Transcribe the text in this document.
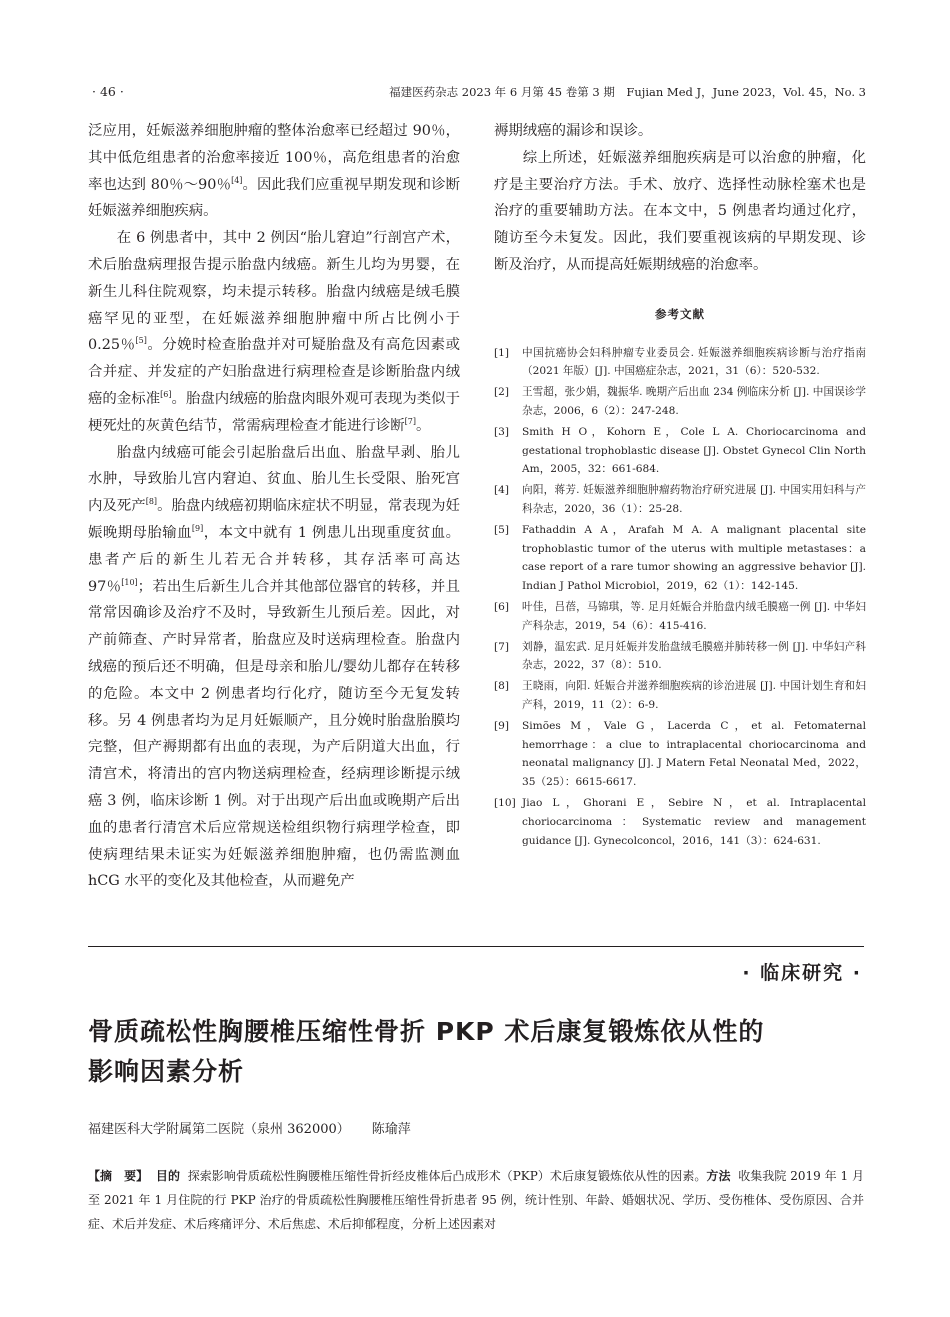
· 46 ·	福建医药杂志 2023 年 6 月第 45 卷第 3 期　Fujian Med J，June 2023，Vol. 45，No. 3

泛应用，妊娠滋养细胞肿瘤的整体治愈率已经超过 90％，其中低危组患者的治愈率接近 100％，高危组患者的治愈率也达到 80％～90％[4]。因此我们应重视早期发现和诊断妊娠滋养细胞疾病。

在 6 例患者中，其中 2 例因“胎儿窘迫”行剖宫产术，术后胎盘病理报告提示胎盘内绒癌。新生儿均为男婴，在新生儿科住院观察，均未提示转移。胎盘内绒癌是绒毛膜癌罕见的亚型，在妊娠滋养细胞肿瘤中所占比例小于 0.25％[5]。分娩时检查胎盘并对可疑胎盘及有高危因素或合并症、并发症的产妇胎盘进行病理检查是诊断胎盘内绒癌的金标准[6]。胎盘内绒癌的胎盘肉眼外观可表现为类似于梗死灶的灰黄色结节，常需病理检查才能进行诊断[7]。

胎盘内绒癌可能会引起胎盘后出血、胎盘早剥、胎儿水肿，导致胎儿宫内窘迫、贫血、胎儿生长受限、胎死宫内及死产[8]。胎盘内绒癌初期临床症状不明显，常表现为妊娠晚期母胎输血[9]，本文中就有 1 例患儿出现重度贫血。患者产后的新生儿若无合并转移，其存活率可高达 97％[10]；若出生后新生儿合并其他部位器官的转移，并且常常因确诊及治疗不及时，导致新生儿预后差。因此，对产前筛查、产时异常者，胎盘应及时送病理检查。胎盘内绒癌的预后还不明确，但是母亲和胎儿/婴幼儿都存在转移的危险。本文中 2 例患者均行化疗，随访至今无复发转移。另 4 例患者均为足月妊娠顺产，且分娩时胎盘胎膜均完整，但产褥期都有出血的表现，为产后阴道大出血，行清宫术，将清出的宫内物送病理检查，经病理诊断提示绒癌 3 例，临床诊断 1 例。对于出现产后出血或晚期产后出血的患者行清宫术后应常规送检组织物行病理学检查，即使病理结果未证实为妊娠滋养细胞肿瘤，也仍需监测血 hCG 水平的变化及其他检查，从而避免产

褥期绒癌的漏诊和误诊。

综上所述，妊娠滋养细胞疾病是可以治愈的肿瘤，化疗是主要治疗方法。手术、放疗、选择性动脉栓塞术也是治疗的重要辅助方法。在本文中，5 例患者均通过化疗，随访至今未复发。因此，我们要重视该病的早期发现、诊断及治疗，从而提高妊娠期绒癌的治愈率。

参考文献
[1]	中国抗癌协会妇科肿瘤专业委员会. 妊娠滋养细胞疾病诊断与治疗指南（2021 年版）[J]. 中国癌症杂志，2021，31（6）：520-532.
[2]	王雪超，张少娟，魏振华. 晚期产后出血 234 例临床分析 [J]. 中国误诊学杂志，2006，6（2）：247-248.
[3]	Smith H O，Kohorn E，Cole L A. Choriocarcinoma and gestational trophoblastic disease [J]. Obstet Gynecol Clin North Am，2005，32：661-684.
[4]	向阳，蒋芳. 妊娠滋养细胞肿瘤药物治疗研究进展 [J]. 中国实用妇科与产科杂志，2020，36（1）：25-28.
[5]	Fathaddin A A，Arafah M A. A malignant placental site trophoblastic tumor of the uterus with multiple metastases：a case report of a rare tumor showing an aggressive behavior [J]. Indian J Pathol Microbiol，2019，62（1）：142-145.
[6]	叶佳，吕蓓，马锦琪，等. 足月妊娠合并胎盘内绒毛膜癌一例 [J]. 中华妇产科杂志，2019，54（6）：415-416.
[7]	刘静，温宏武. 足月妊娠并发胎盘绒毛膜癌并肺转移一例 [J]. 中华妇产科杂志，2022，37（8）：510.
[8]	王晓雨，向阳. 妊娠合并滋养细胞疾病的诊治进展 [J]. 中国计划生育和妇产科，2019，11（2）：6-9.
[9]	Simões M，Vale G，Lacerda C，et al. Fetomaternal hemorrhage：a clue to intraplacental choriocarcinoma and neonatal malignancy [J]. J Matern Fetal Neonatal Med，2022，35（25）：6615-6617.
[10] Jiao L，Ghorani E，Sebire N，et al. Intraplacental choriocarcinoma：Systematic review and management guidance [J]. Gynecolconcol，2016，141（3）：624-631.
· 临床研究 ·
骨质疏松性胸腰椎压缩性骨折 PKP 术后康复锻炼依从性的
影响因素分析
福建医科大学附属第二医院（泉州 362000） 陈瑜萍
【摘　要】 目的 探索影响骨质疏松性胸腰椎压缩性骨折经皮椎体后凸成形术（PKP）术后康复锻炼依从性的因素。方法 收集我院 2019 年 1 月至 2021 年 1 月住院的行 PKP 治疗的骨质疏松性胸腰椎压缩性骨折患者 95 例，统计性别、年龄、婚姻状况、学历、受伤椎体、受伤原因、合并症、术后并发症、术后疼痛评分、术后焦虑、术后抑郁程度，分析上述因素对
